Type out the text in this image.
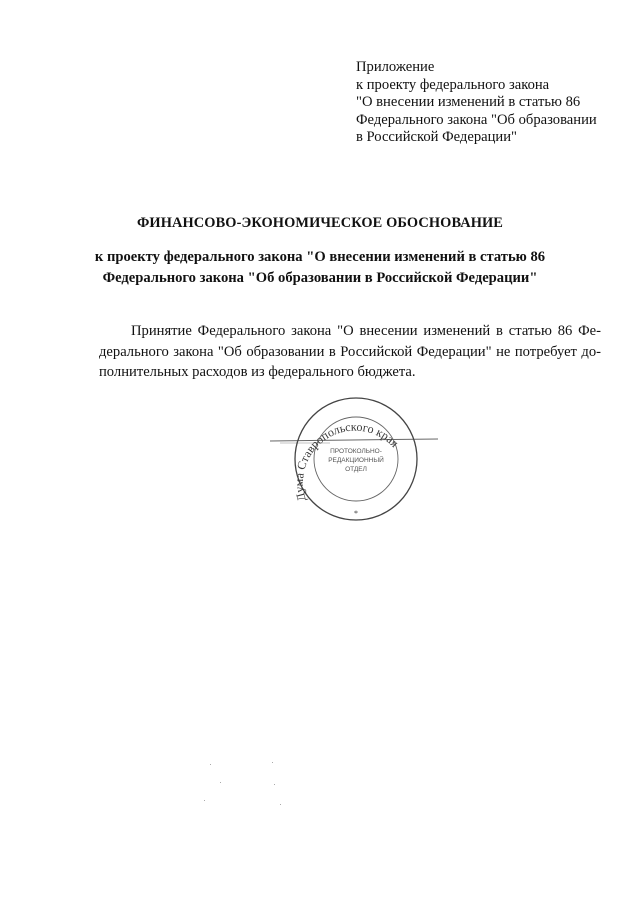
Приложение
к проекту федерального закона
"О внесении изменений в статью 86
Федерального закона "Об образовании
в Российской Федерации"
ФИНАНСОВО-ЭКОНОМИЧЕСКОЕ ОБОСНОВАНИЕ
к проекту федерального закона "О внесении изменений в статью 86
Федерального закона "Об образовании в Российской Федерации"
Принятие Федерального закона "О внесении изменений в статью 86 Фе-
дерального закона "Об образовании в Российской Федерации" не потребует до-
полнительных расходов из федерального бюджета.
Дума Ставропольского края
ПРОТОКОЛЬНО-
РЕДАКЦИОННЫЙ
ОТДЕЛ
*
